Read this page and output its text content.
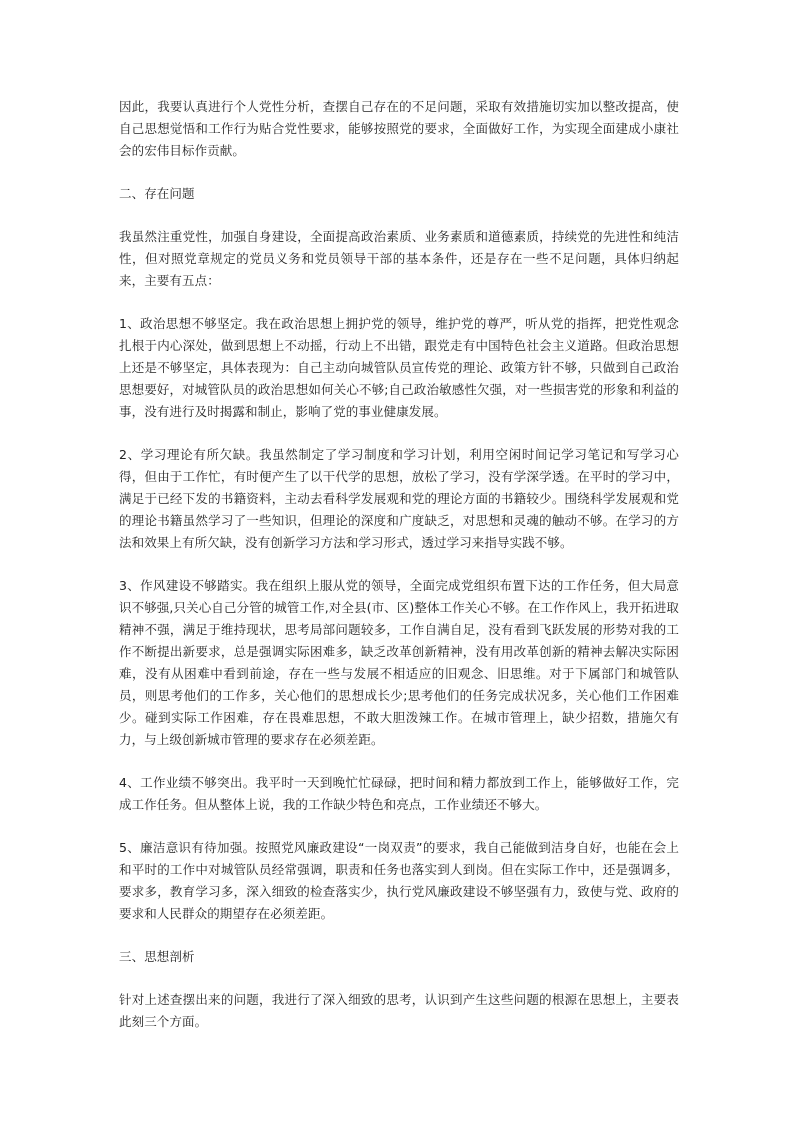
因此，我要认真进行个人党性分析，查摆自己存在的不足问题，采取有效措施切实加以整改提高，使自己思想觉悟和工作行为贴合党性要求，能够按照党的要求，全面做好工作，为实现全面建成小康社会的宏伟目标作贡献。

二、存在问题

我虽然注重党性，加强自身建设，全面提高政治素质、业务素质和道德素质，持续党的先进性和纯洁性，但对照党章规定的党员义务和党员领导干部的基本条件，还是存在一些不足问题，具体归纳起来，主要有五点：

1、政治思想不够坚定。我在政治思想上拥护党的领导，维护党的尊严，听从党的指挥，把党性观念扎根于内心深处，做到思想上不动摇，行动上不出错，跟党走有中国特色社会主义道路。但政治思想上还是不够坚定，具体表现为：自己主动向城管队员宣传党的理论、政策方针不够，只做到自己政治思想要好，对城管队员的政治思想如何关心不够;自己政治敏感性欠强，对一些损害党的形象和利益的事，没有进行及时揭露和制止，影响了党的事业健康发展。

2、学习理论有所欠缺。我虽然制定了学习制度和学习计划，利用空闲时间记学习笔记和写学习心得，但由于工作忙，有时便产生了以干代学的思想，放松了学习，没有学深学透。在平时的学习中，满足于已经下发的书籍资料，主动去看科学发展观和党的理论方面的书籍较少。围绕科学发展观和党的理论书籍虽然学习了一些知识，但理论的深度和广度缺乏，对思想和灵魂的触动不够。在学习的方法和效果上有所欠缺，没有创新学习方法和学习形式，透过学习来指导实践不够。

3、作风建设不够踏实。我在组织上服从党的领导，全面完成党组织布置下达的工作任务，但大局意识不够强,只关心自己分管的城管工作,对全县(市、区)整体工作关心不够。在工作作风上，我开拓进取精神不强，满足于维持现状，思考局部问题较多，工作自满自足，没有看到飞跃发展的形势对我的工作不断提出新要求，总是强调实际困难多，缺乏改革创新精神，没有用改革创新的精神去解决实际困难，没有从困难中看到前途，存在一些与发展不相适应的旧观念、旧思维。对于下属部门和城管队员，则思考他们的工作多，关心他们的思想成长少;思考他们的任务完成状况多，关心他们工作困难少。碰到实际工作困难，存在畏难思想，不敢大胆泼辣工作。在城市管理上，缺少招数，措施欠有力，与上级创新城市管理的要求存在必须差距。

4、工作业绩不够突出。我平时一天到晚忙忙碌碌，把时间和精力都放到工作上，能够做好工作，完成工作任务。但从整体上说，我的工作缺少特色和亮点，工作业绩还不够大。

5、廉洁意识有待加强。按照党风廉政建设“一岗双责”的要求，我自己能做到洁身自好，也能在会上和平时的工作中对城管队员经常强调，职责和任务也落实到人到岗。但在实际工作中，还是强调多，要求多，教育学习多，深入细致的检查落实少，执行党风廉政建设不够坚强有力，致使与党、政府的要求和人民群众的期望存在必须差距。

三、思想剖析

针对上述查摆出来的问题，我进行了深入细致的思考，认识到产生这些问题的根源在思想上，主要表此刻三个方面。
